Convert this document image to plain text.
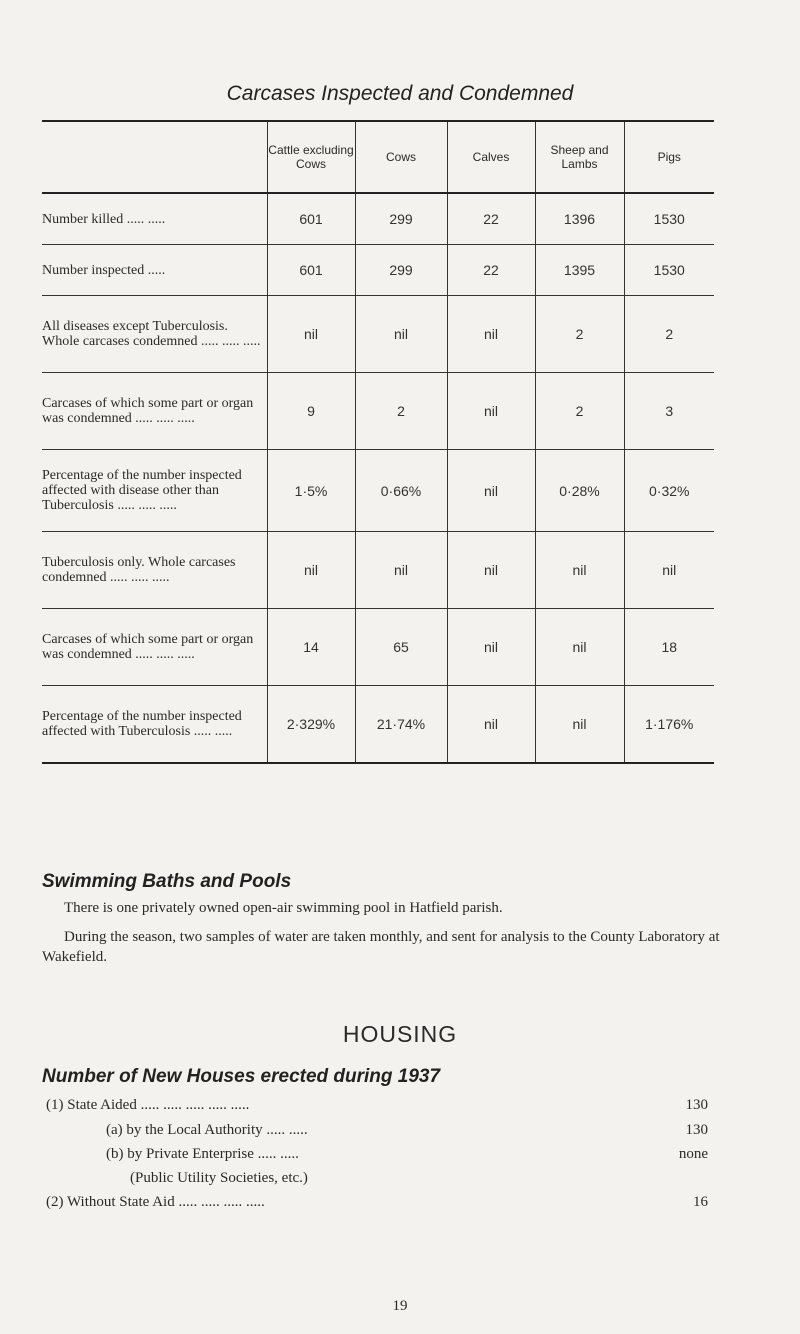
Carcases Inspected and Condemned
	Cattle excluding Cows	Cows	Calves	Sheep and Lambs	Pigs
Number killed ..... .....	601	299	22	1396	1530
Number inspected .....	601	299	22	1395	1530
All diseases except Tuberculosis. Whole carcases condemned ..... ..... .....	nil	nil	nil	2	2
Carcases of which some part or organ was condemned ..... ..... .....	9	2	nil	2	3
Percentage of the number inspected affected with disease other than Tuberculosis ..... ..... .....	1·5%	0·66%	nil	0·28%	0·32%
Tuberculosis only. Whole carcases condemned ..... ..... .....	nil	nil	nil	nil	nil
Carcases of which some part or organ was condemned ..... ..... .....	14	65	nil	nil	18
Percentage of the number inspected affected with Tuberculosis ..... .....	2·329%	21·74%	nil	nil	1·176%
Swimming Baths and Pools
There is one privately owned open-air swimming pool in Hatfield parish.
During the season, two samples of water are taken monthly, and sent for analysis to the County Laboratory at Wakefield.
HOUSING
Number of New Houses erected during 1937
(1) State Aided ..... ..... ..... ..... .....	130
(a) by the Local Authority ..... .....	130
(b) by Private Enterprise ..... .....	none
(Public Utility Societies, etc.)
(2) Without State Aid ..... ..... ..... .....	16
19
